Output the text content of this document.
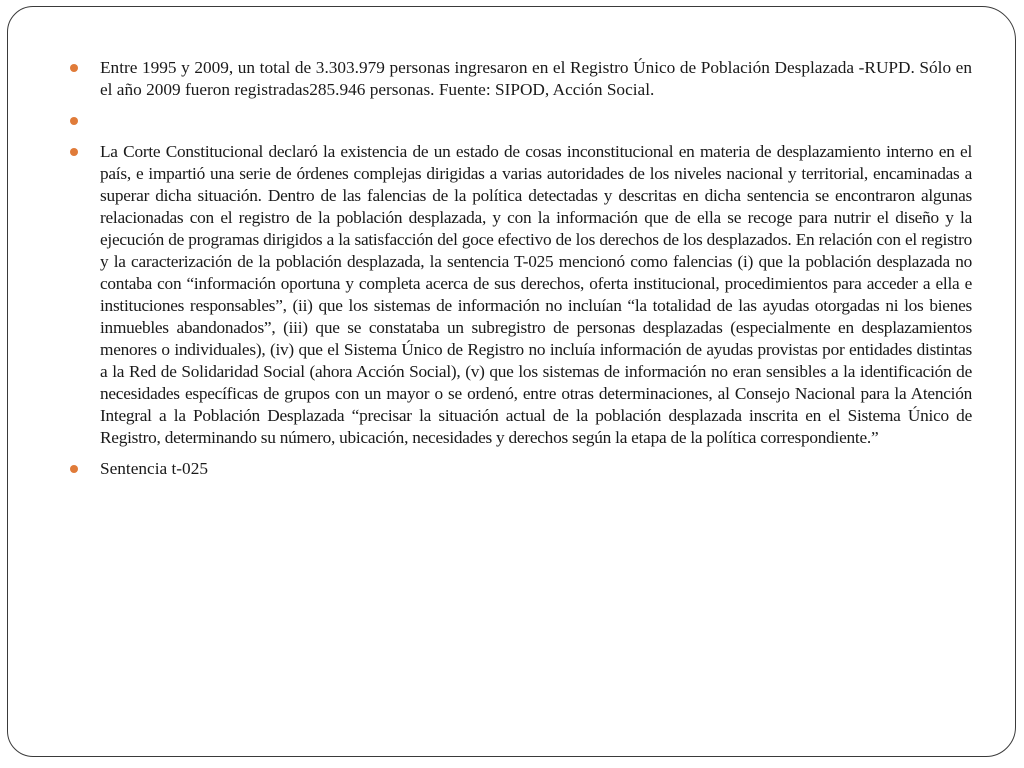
Entre 1995 y 2009, un total de 3.303.979 personas ingresaron en el Registro Único de Población Desplazada -RUPD. Sólo en el año 2009 fueron registradas285.946 personas. Fuente: SIPOD, Acción Social.
La Corte Constitucional declaró la existencia de un estado de cosas inconstitucional en materia de desplazamiento interno en el país, e impartió una serie de órdenes complejas dirigidas a varias autoridades de los niveles nacional y territorial, encaminadas a superar dicha situación. Dentro de las falencias de la política detectadas y descritas en dicha sentencia se encontraron algunas relacionadas con el registro de la población desplazada, y con la información que de ella se recoge para nutrir el diseño y la ejecución de programas dirigidos a la satisfacción del goce efectivo de los derechos de los desplazados. En relación con el registro y la caracterización de la población desplazada, la sentencia T-025 mencionó como falencias (i) que la población desplazada no contaba con “información oportuna y completa acerca de sus derechos, oferta institucional, procedimientos para acceder a ella e instituciones responsables”, (ii) que los sistemas de información no incluían “la totalidad de las ayudas otorgadas ni los bienes inmuebles abandonados”, (iii) que se constataba un subregistro de personas desplazadas (especialmente en desplazamientos menores o individuales), (iv) que el Sistema Único de Registro no incluía información de ayudas provistas por entidades distintas a la Red de Solidaridad Social (ahora Acción Social), (v) que los sistemas de información no eran sensibles a la identificación de necesidades específicas de grupos con un mayor o se ordenó, entre otras determinaciones, al Consejo Nacional para la Atención Integral a la Población Desplazada “precisar la situación actual de la población desplazada inscrita en el Sistema Único de Registro, determinando su número, ubicación, necesidades y derechos según la etapa de la política correspondiente.”
Sentencia t-025
